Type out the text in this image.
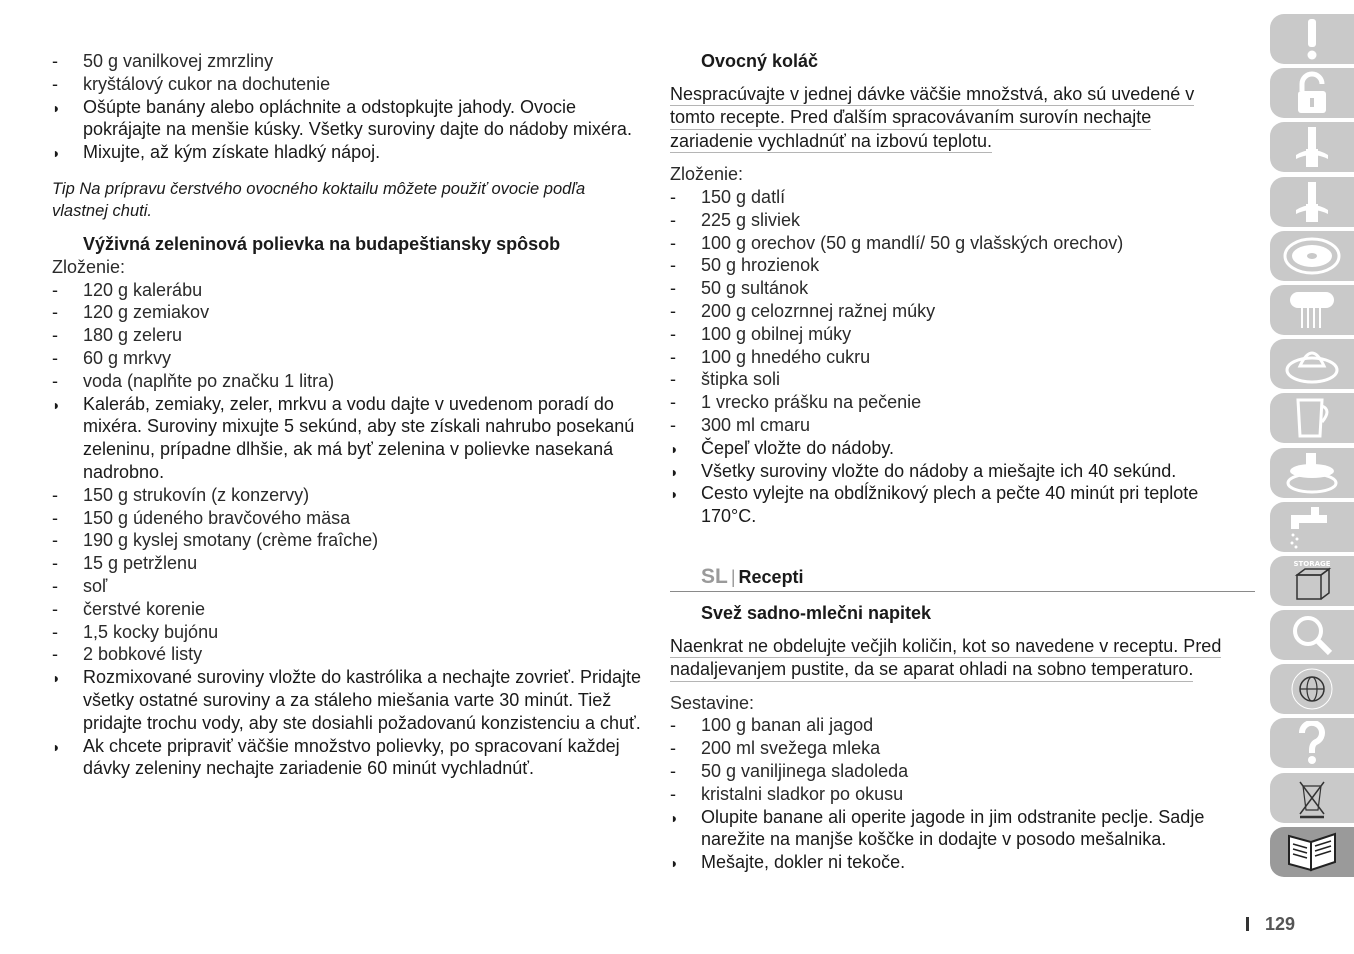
-	50 g vanilkovej zmrzliny
-	kryštálový cukor na dochutenie
◗	Ošúpte banány alebo opláchnite a odstopkujte jahody. Ovocie pokrájajte na menšie kúsky. Všetky suroviny dajte do nádoby mixéra.
◗	Mixujte, až kým získate hladký nápoj.
Tip Na prípravu čerstvého ovocného koktailu môžete použiť ovocie podľa vlastnej chuti.
Výživná zeleninová polievka na budapeštiansky spôsob
Zloženie:
-	120 g kalerábu
-	120 g zemiakov
-	180 g zeleru
-	60 g mrkvy
-	voda (naplňte po značku 1 litra)
◗	Kaleráb, zemiaky, zeler, mrkvu a vodu dajte v uvedenom poradí do mixéra. Suroviny mixujte 5 sekúnd, aby ste získali nahrubo posekanú zeleninu, prípadne dlhšie, ak má byť zelenina v polievke nasekaná nadrobno.
-	150 g strukovín (z konzervy)
-	150 g údeného bravčového mäsa
-	190 g kyslej smotany (crème fraîche)
-	15 g petržlenu
-	soľ
-	čerstvé korenie
-	1,5 kocky bujónu
-	2 bobkové listy
◗	Rozmixované suroviny vložte do kastrólika a nechajte zovrieť. Pridajte všetky ostatné suroviny a za stáleho miešania varte 30 minút. Tiež pridajte trochu vody, aby ste dosiahli požadovanú konzistenciu a chuť.
◗	Ak chcete pripraviť väčšie množstvo polievky, po spracovaní každej dávky zeleniny nechajte zariadenie 60 minút vychladnúť.
Ovocný koláč
Nespracúvajte v jednej dávke väčšie množstvá, ako sú uvedené v
tomto recepte. Pred ďalším spracovávaním surovín nechajte
zariadenie vychladnúť na izbovú teplotu.
Zloženie:
-	150 g datlí
-	225 g sliviek
-	100 g orechov (50 g mandlí/ 50 g vlašských orechov)
-	50 g hrozienok
-	50 g sultánok
-	200 g celozrnnej ražnej múky
-	100 g obilnej múky
-	100 g hnedého cukru
-	štipka soli
-	1 vrecko prášku na pečenie
-	300 ml cmaru
◗	Čepeľ vložte do nádoby.
◗	Všetky suroviny vložte do nádoby a miešajte ich 40 sekúnd.
◗	Cesto vylejte na obdĺžnikový plech a pečte 40 minút pri teplote 170°C.
SL | Recepti
Svež sadno-mlečni napitek
Naenkrat ne obdelujte večjih količin, kot so navedene v receptu. Pred
nadaljevanjem pustite, da se aparat ohladi na sobno temperaturo.
Sestavine:
-	100 g banan ali jagod
-	200 ml svežega mleka
-	50 g vaniljinega sladoleda
-	kristalni sladkor po okusu
◗	Olupite banane ali operite jagode in jim odstranite peclje. Sadje narežite na manjše koščke in dodajte v posodo mešalnika.
◗	Mešajte, dokler ni tekoče.
STORAGE
129
